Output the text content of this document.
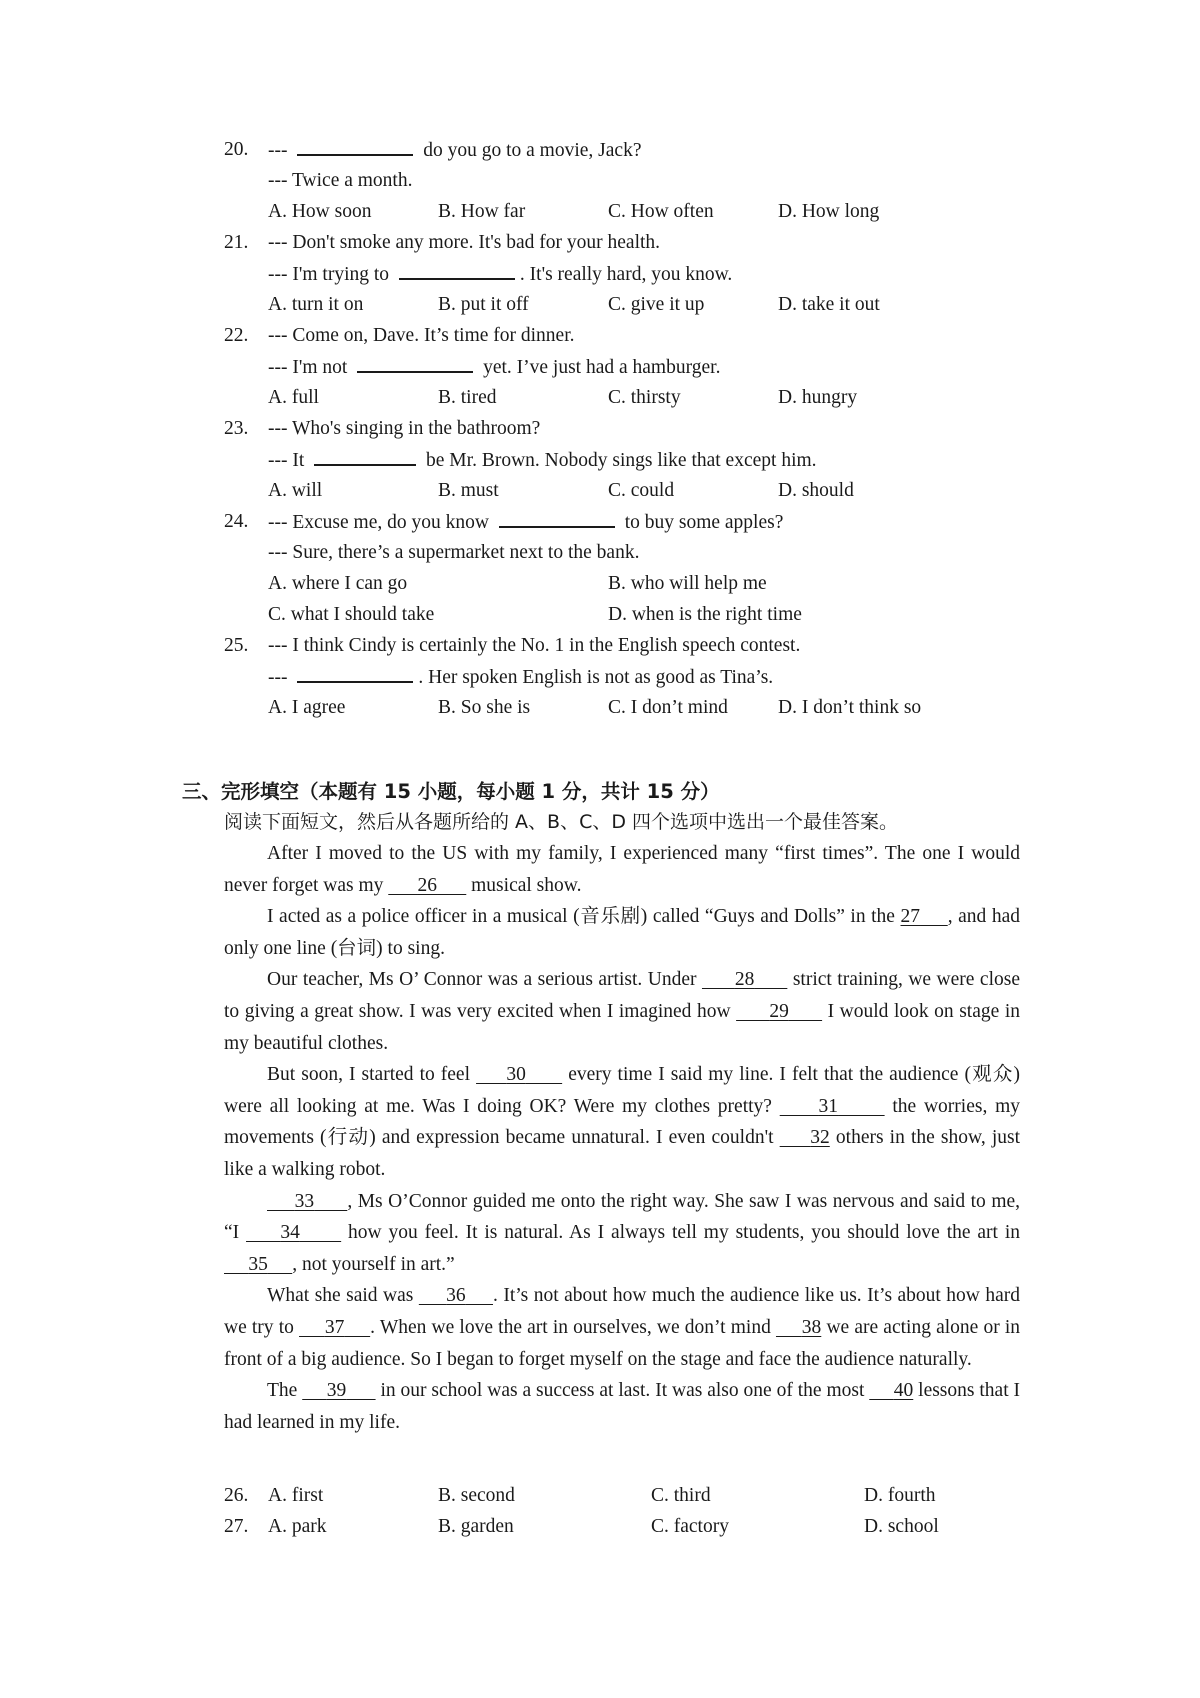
20. ---	do you go to a movie, Jack?
--- Twice a month.
A. How soon	B. How far	C. How often	D. How long
21. --- Don't smoke any more. It's bad for your health.
--- I'm trying to	. It's really hard, you know.
A. turn it on	B. put it off	C. give it up	D. take it out
22. --- Come on, Dave. It’s time for dinner.
--- I'm not	yet. I’ve just had a hamburger.
A. full	B. tired	C. thirsty	D. hungry
23. --- Who's singing in the bathroom?
--- It	be Mr. Brown. Nobody sings like that except him.
A. will	B. must	C. could	D. should
24. --- Excuse me, do you know	to buy some apples?
--- Sure, there’s a supermarket next to the bank.
A. where I can go	B. who will help me
C. what I should take	D. when is the right time
25. --- I think Cindy is certainly the No. 1 in the English speech contest.
---	. Her spoken English is not as good as Tina’s.
A. I agree	B. So she is	C. I don’t mind	D. I don’t think so
三、完形填空（本题有 15 小题，每小题 1 分，共计 15 分）
阅读下面短文，然后从各题所给的 A、B、C、D 四个选项中选出一个最佳答案。

After I moved to the US with my family, I experienced many “first times”. The one I would never forget was my       26       musical show.

I acted as a police officer in a musical (音乐剧) called “Guys and Dolls” in the 27 , and had only one line (台词) to sing.

Our teacher, Ms O’ Connor was a serious artist. Under       28       strict training, we were close to giving a great show. I was very excited when I imagined how       29       I would look on stage in my beautiful clothes.

But soon, I started to feel      30       every time I said my line. I felt that the audience (观众) were all looking at me. Was I doing OK? Were my clothes pretty?      31       the worries, my movements (行动) and expression became unnatural. I even couldn't      32 others in the show, just like a walking robot.

33 , Ms O’Connor guided me onto the right way. She saw I was nervous and said to me, “I      34       how you feel. It is natural. As I always tell my students, you should love the art in      35 , not yourself in art.”

What she said was      36 . It’s not about how much the audience like us. It’s about how hard we try to      37 . When we love the art in ourselves, we don’t mind      38 we are acting alone or in front of a big audience. So I began to forget myself on the stage and face the audience naturally.

The      39       in our school was a success at last. It was also one of the most      40 lessons that I had learned in my life.

26. A. first	B. second	C. third	D. fourth
27. A. park	B. garden	C. factory	D. school
